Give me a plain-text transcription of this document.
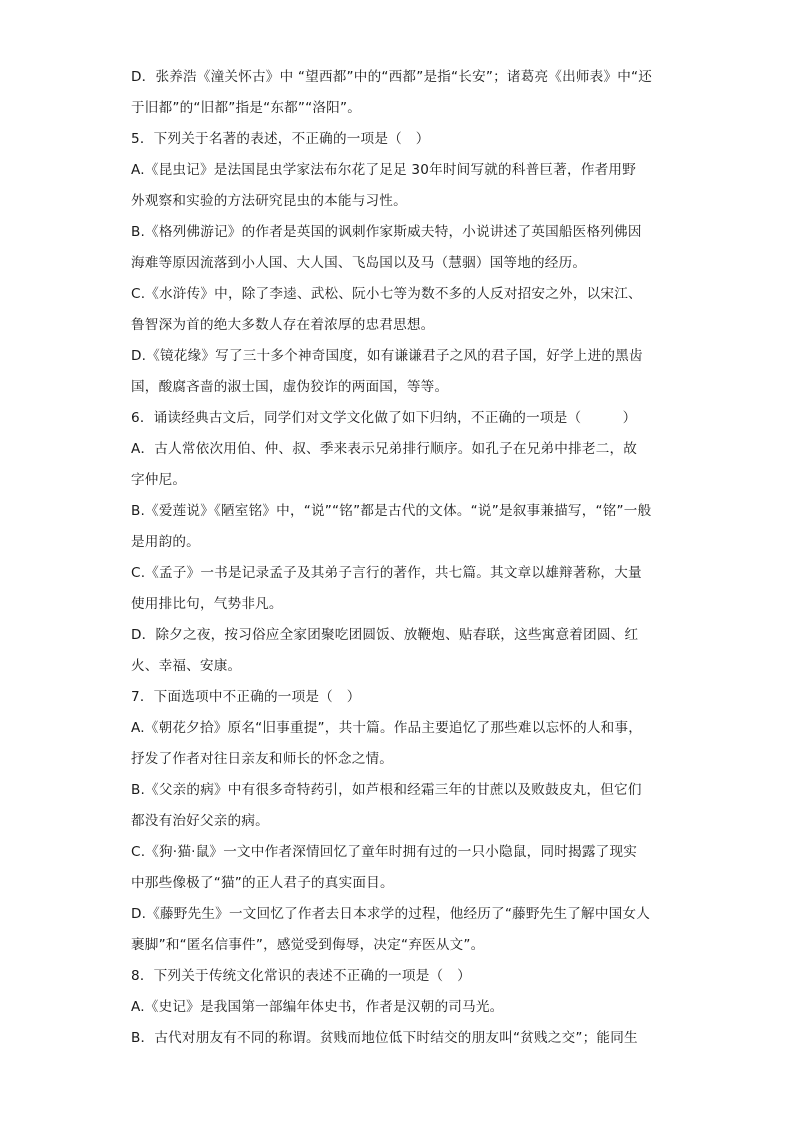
D．张养浩《潼关怀古》中 “望西都”中的“西都”是指“长安”；诸葛亮《出师表》中“还
于旧都”的“旧都”指是“东都”“洛阳”。
5．下列关于名著的表述，不正确的一项是（　）
A.《昆虫记》是法国昆虫学家法布尔花了足足 30年时间写就的科普巨著，作者用野
外观察和实验的方法研究昆虫的本能与习性。
B.《格列佛游记》的作者是英国的讽刺作家斯威夫特，小说讲述了英国船医格列佛因
海难等原因流落到小人国、大人国、飞岛国以及马（慧骃）国等地的经历。
C.《水浒传》中，除了李逵、武松、阮小七等为数不多的人反对招安之外，以宋江、
鲁智深为首的绝大多数人存在着浓厚的忠君思想。
D.《镜花缘》写了三十多个神奇国度，如有谦谦君子之风的君子国，好学上进的黑齿
国，酸腐吝啬的淑士国，虚伪狡诈的两面国，等等。
6．诵读经典古文后，同学们对文学文化做了如下归纳，不正确的一项是（　　　）
A．古人常依次用伯、仲、叔、季来表示兄弟排行顺序。如孔子在兄弟中排老二，故
字仲尼。
B.《爱莲说》《陋室铭》中，“说”“铭”都是古代的文体。“说”是叙事兼描写，“铭”一般
是用韵的。
C.《孟子》一书是记录孟子及其弟子言行的著作，共七篇。其文章以雄辩著称，大量
使用排比句，气势非凡。
D．除夕之夜，按习俗应全家团聚吃团圆饭、放鞭炮、贴春联，这些寓意着团圆、红
火、幸福、安康。
7．下面选项中不正确的一项是（　）
A.《朝花夕拾》原名“旧事重提”，共十篇。作品主要追忆了那些难以忘怀的人和事，
抒发了作者对往日亲友和师长的怀念之情。
B.《父亲的病》中有很多奇特药引，如芦根和经霜三年的甘蔗以及败鼓皮丸，但它们
都没有治好父亲的病。
C.《狗·猫·鼠》一文中作者深情回忆了童年时拥有过的一只小隐鼠，同时揭露了现实
中那些像极了“猫”的正人君子的真实面目。
D.《藤野先生》一文回忆了作者去日本求学的过程，他经历了“藤野先生了解中国女人
裹脚”和“匿名信事件”，感觉受到侮辱，决定“弃医从文”。
8．下列关于传统文化常识的表述不正确的一项是（　）
A.《史记》是我国第一部编年体史书，作者是汉朝的司马光。
B．古代对朋友有不同的称谓。贫贱而地位低下时结交的朋友叫“贫贱之交”；能同生
